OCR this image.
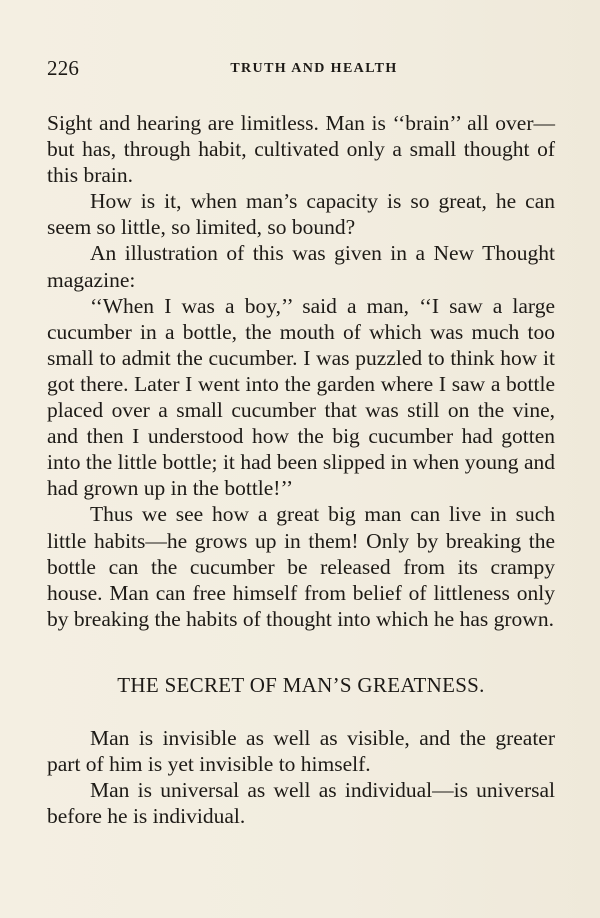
226	TRUTH AND HEALTH

Sight and hearing are limitless. Man is ‘‘brain’’ all over—but has, through habit, cultivated only a small thought of this brain.

How is it, when man’s capacity is so great, he can seem so little, so limited, so bound?

An illustration of this was given in a New Thought magazine:

‘‘When I was a boy,’’ said a man, ‘‘I saw a large cucumber in a bottle, the mouth of which was much too small to admit the cucumber. I was puzzled to think how it got there. Later I went into the garden where I saw a bottle placed over a small cucumber that was still on the vine, and then I understood how the big cucumber had gotten into the little bottle; it had been slipped in when young and had grown up in the bottle!’’

Thus we see how a great big man can live in such little habits—he grows up in them! Only by breaking the bottle can the cucumber be released from its crampy house. Man can free himself from belief of littleness only by breaking the habits of thought into which he has grown.

THE SECRET OF MAN’S GREATNESS.

Man is invisible as well as visible, and the greater part of him is yet invisible to himself.

Man is universal as well as individual—is universal before he is individual.
